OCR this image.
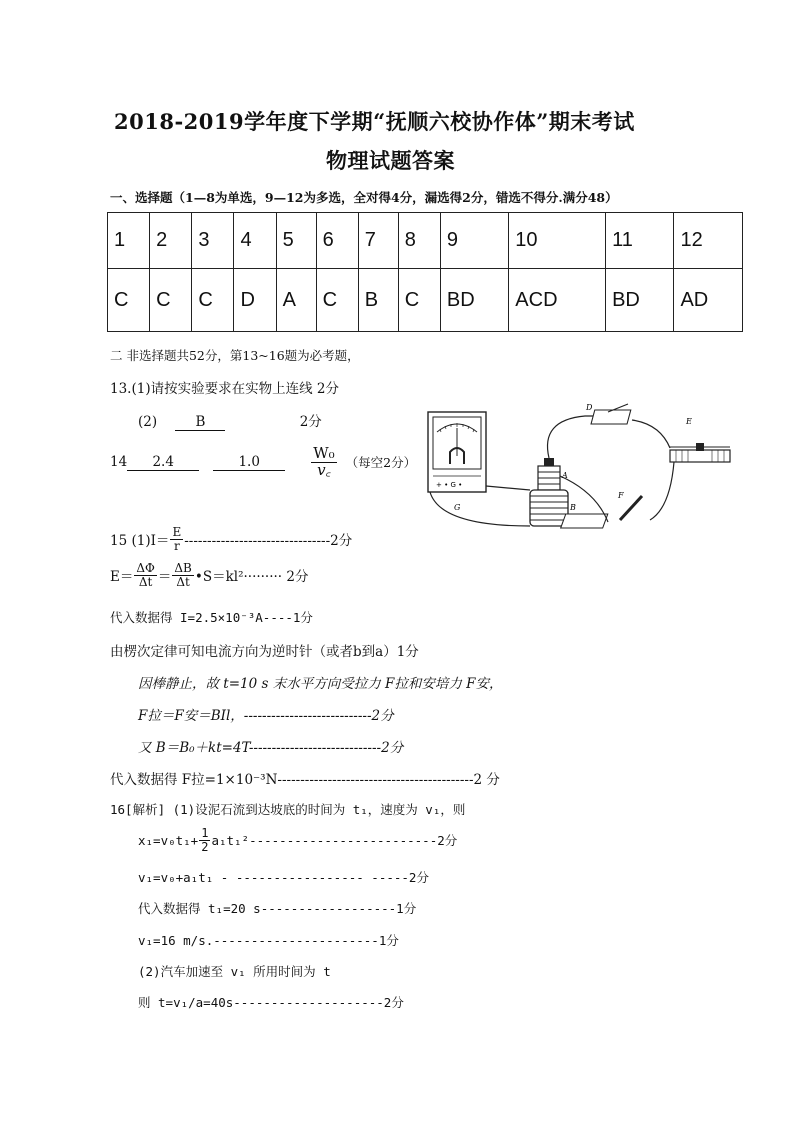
2018-2019学年度下学期“抚顺六校协作体”期末考试
物理试题答案
一、选择题（1—8为单选，9—12为多选，全对得4分，漏选得2分，错选不得分.满分48）
1	2	3	4	5	6	7	8	9	10	11	12
C	C	C	D	A	C	B	C	BD	ACD	BD	AD
二 非选择题共52分，第13~16题为必考题，
13.(1)请按实验要求在实物上连线 2分
(2)	B	2分
14	2.4	1.0	$\frac{\text{W₀}}{v꜀}$ （每空2分）
15 $(1)I= \frac{E}{r} --------------------------------2$分
$E= \frac{\Delta\Phi}{\Delta t} = \frac{\Delta B}{\Delta t}$ •S＝kl²········· 2分
代入数据得 I=2.5×10⁻³A----1分
由楞次定律可知电流方向为逆时针（或者b到a）1分
因棒静止，故 t=10 s 末水平方向受拉力 F拉和安培力 F安，
F拉＝F安＝BIl，----------------------------2分
又 B＝B₀＋kt=4T-----------------------------2分
代入数据得 F拉=1×10⁻³N-------------------------------------------2 分
16[解析] (1)设泥石流到达坡底的时间为 t₁，速度为 v₁，则
$x_1=v_0t_1+ \frac{1}{2} a_1t_1^2-------------------------2$分
v₁=v₀+a₁t₁ - ----------------- -----2分
代入数据得 t₁=20 s------------------1分
v₁=16 m/s.----------------------1分
(2)汽车加速至 v₁ 所用时间为 t
则 t=v₁/a=40s--------------------2分
+ • G •
A
B
G
D
E
F
